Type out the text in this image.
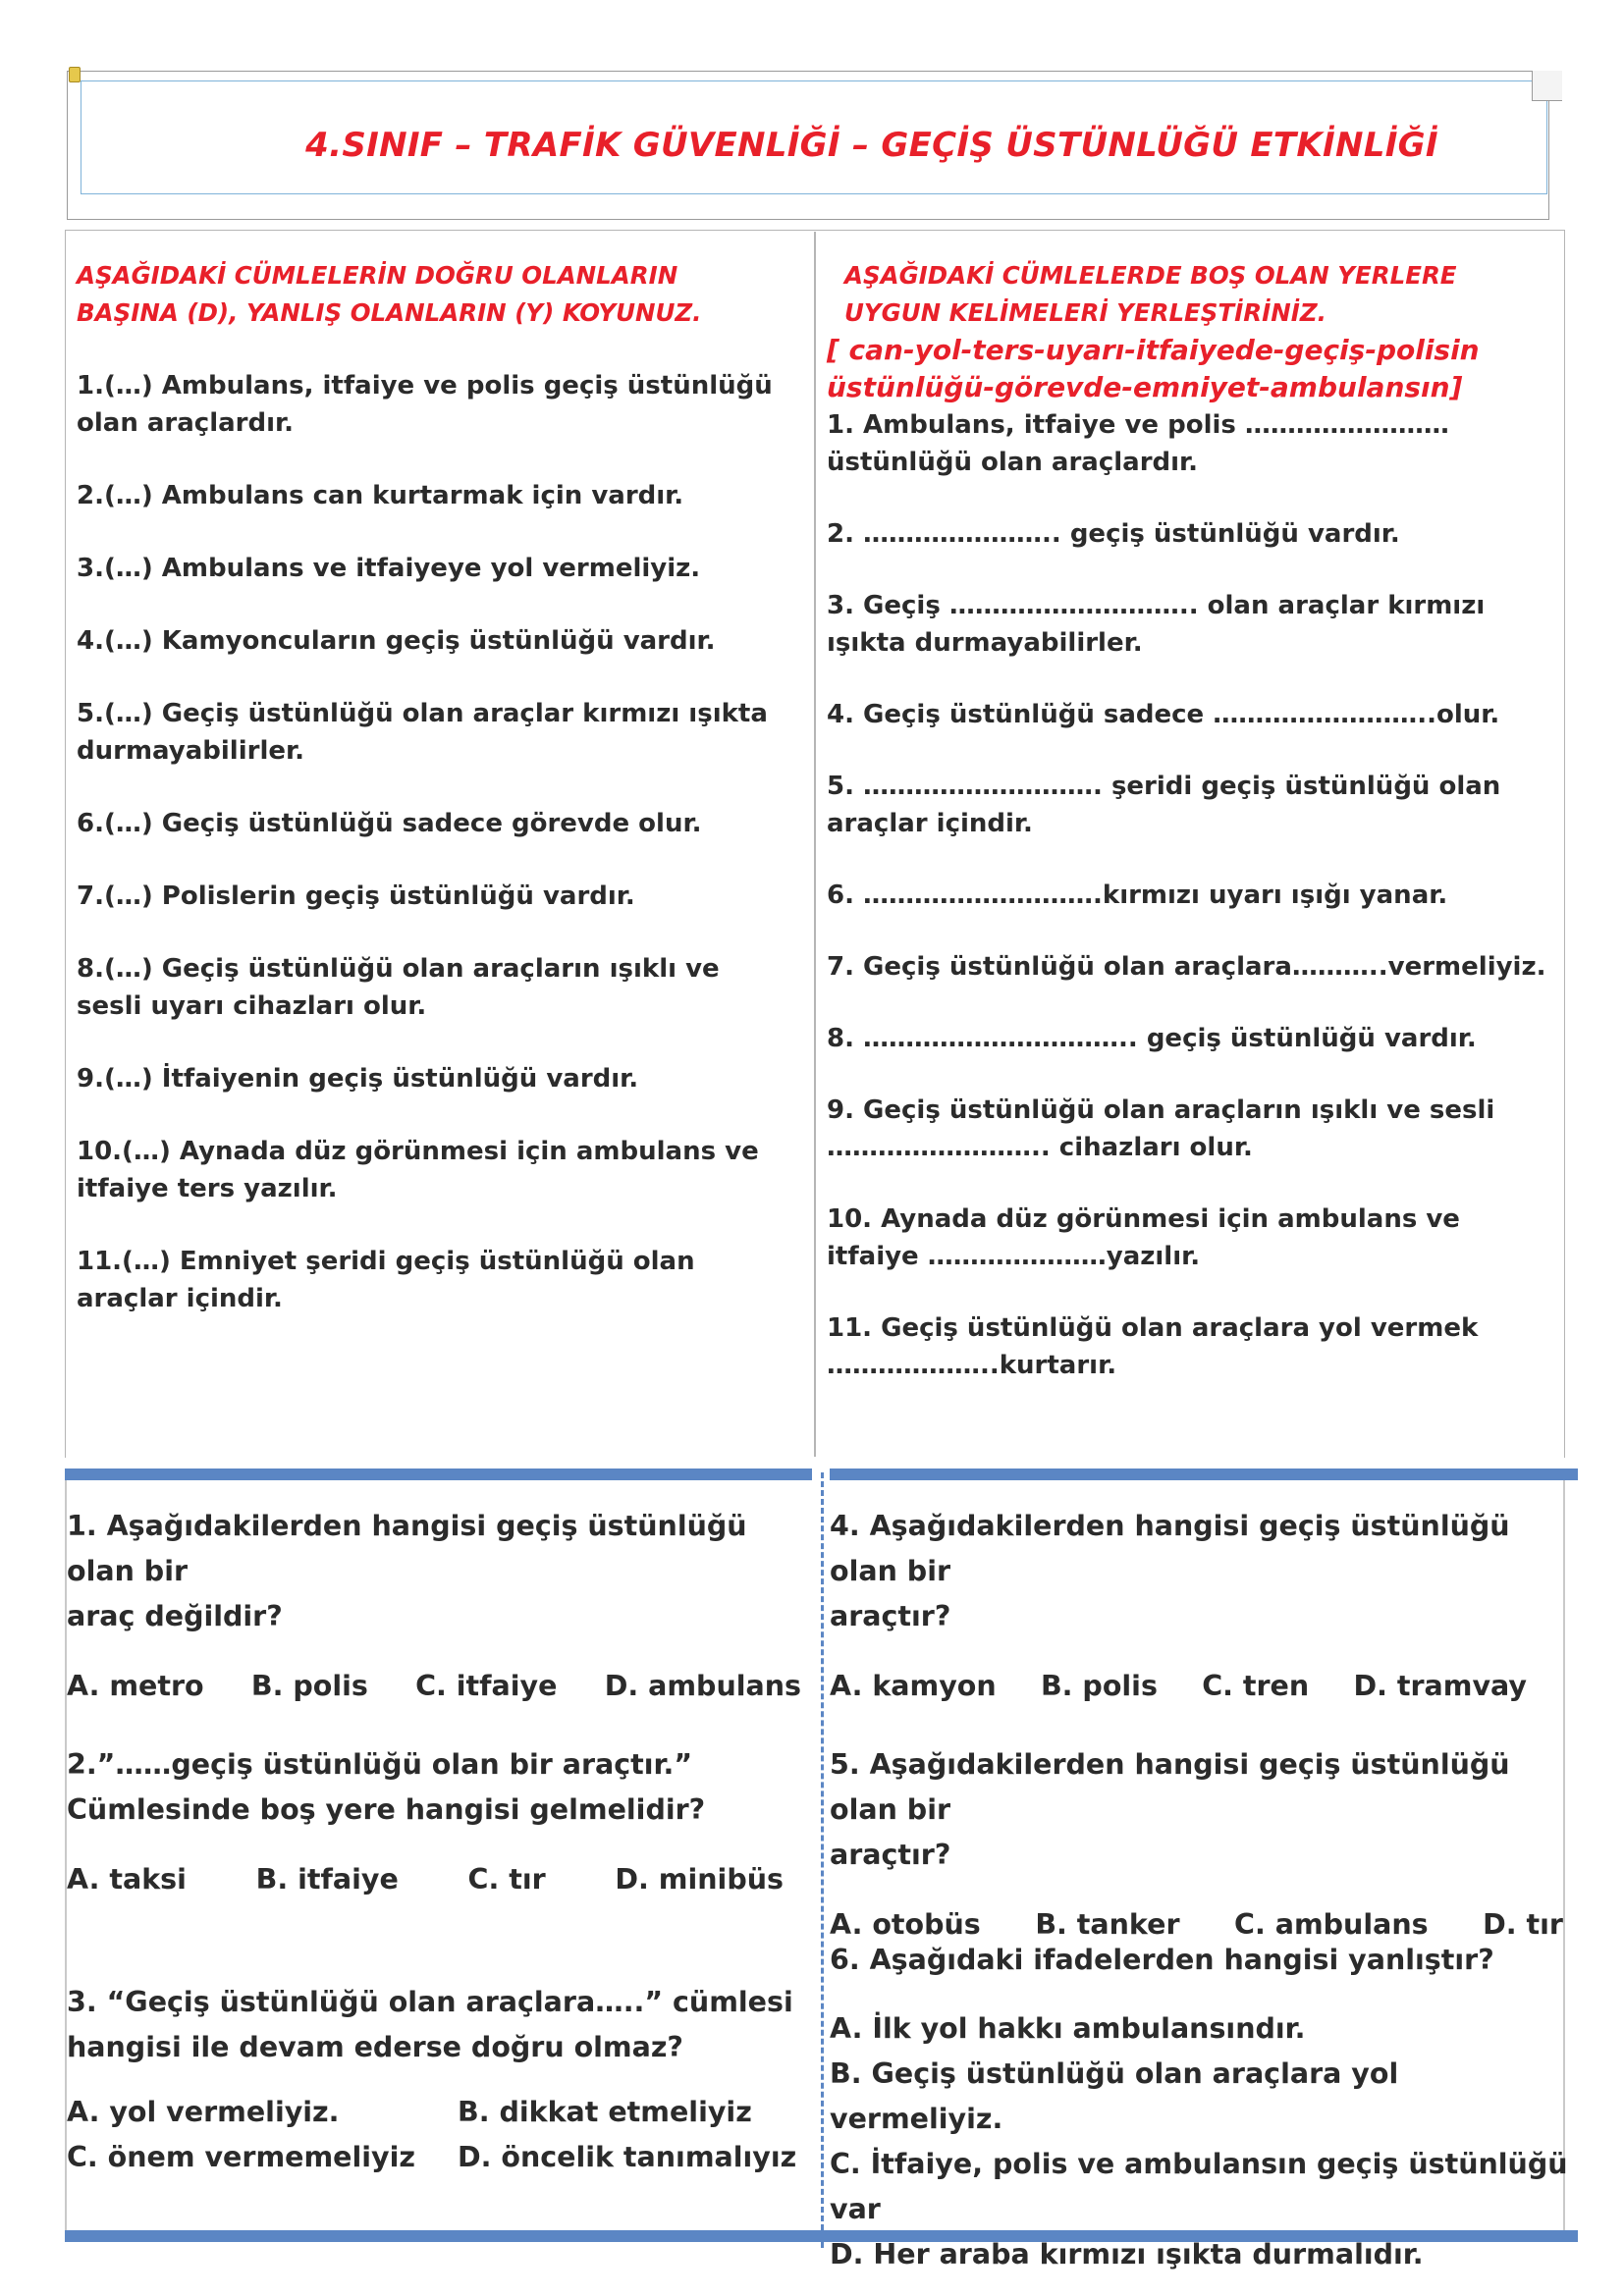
4.SINIF – TRAFİK GÜVENLİĞİ – GEÇİŞ ÜSTÜNLÜĞÜ ETKİNLİĞİ

AŞAĞIDAKİ CÜMLELERİN DOĞRU OLANLARIN

BAŞINA (D), YANLIŞ OLANLARIN (Y) KOYUNUZ.

1.(…) Ambulans, itfaiye ve polis geçiş üstünlüğü

olan araçlardır.

2.(…) Ambulans can kurtarmak için vardır.

3.(…) Ambulans ve itfaiyeye yol vermeliyiz.

4.(…) Kamyoncuların geçiş üstünlüğü vardır.

5.(…) Geçiş üstünlüğü olan araçlar kırmızı ışıkta

durmayabilirler.

6.(…) Geçiş üstünlüğü sadece görevde olur.

7.(…) Polislerin geçiş üstünlüğü vardır.

8.(…) Geçiş üstünlüğü olan araçların ışıklı ve

sesli uyarı cihazları olur.

9.(…) İtfaiyenin geçiş üstünlüğü vardır.

10.(…) Aynada düz görünmesi için ambulans ve

itfaiye ters yazılır.

11.(…) Emniyet şeridi geçiş üstünlüğü olan

araçlar içindir.

AŞAĞIDAKİ CÜMLELERDE BOŞ OLAN YERLERE

UYGUN KELİMELERİ YERLEŞTİRİNİZ.

[ can-yol-ters-uyarı-itfaiyede-geçiş-polisin

üstünlüğü-görevde-emniyet-ambulansın]

1. Ambulans, itfaiye ve polis ……………………

üstünlüğü olan araçlardır.

2. ………………….. geçiş üstünlüğü vardır.

3. Geçiş ……………………….. olan araçlar kırmızı

ışıkta durmayabilirler.

4. Geçiş üstünlüğü sadece ……………………..olur.

5. ………………………. şeridi geçiş üstünlüğü olan

araçlar içindir.

6. ……………………….kırmızı uyarı ışığı yanar.

7. Geçiş üstünlüğü olan araçlara………..vermeliyiz.

8. ………………………….. geçiş üstünlüğü vardır.

9. Geçiş üstünlüğü olan araçların ışıklı ve sesli

…………………….. cihazları olur.

10. Aynada düz görünmesi için ambulans ve

itfaiye …………………yazılır.

11. Geçiş üstünlüğü olan araçlara yol vermek

………………..kurtarır.

1. Aşağıdakilerden hangisi geçiş üstünlüğü olan bir

araç değildir?

A. metro B. polis C. itfaiye D. ambulans

2.”……geçiş üstünlüğü olan bir araçtır.”

Cümlesinde boş yere hangisi gelmelidir?

A. taksi B. itfaiye C. tır D. minibüs

3. “Geçiş üstünlüğü olan araçlara…..” cümlesi

hangisi ile devam ederse doğru olmaz?

A. yol vermeliyiz.	B. dikkat etmeliyiz
C. önem vermemeliyiz	D. öncelik tanımalıyız

4. Aşağıdakilerden hangisi geçiş üstünlüğü olan bir

araçtır?

A. kamyon B. polis C. tren D. tramvay

5. Aşağıdakilerden hangisi geçiş üstünlüğü olan bir

araçtır?

A. otobüs B. tanker C. ambulans D. tır

6. Aşağıdaki ifadelerden hangisi yanlıştır?

A. İlk yol hakkı ambulansındır.
B. Geçiş üstünlüğü olan araçlara yol vermeliyiz.
C. İtfaiye, polis ve ambulansın geçiş üstünlüğü var
D. Her araba kırmızı ışıkta durmalıdır.
